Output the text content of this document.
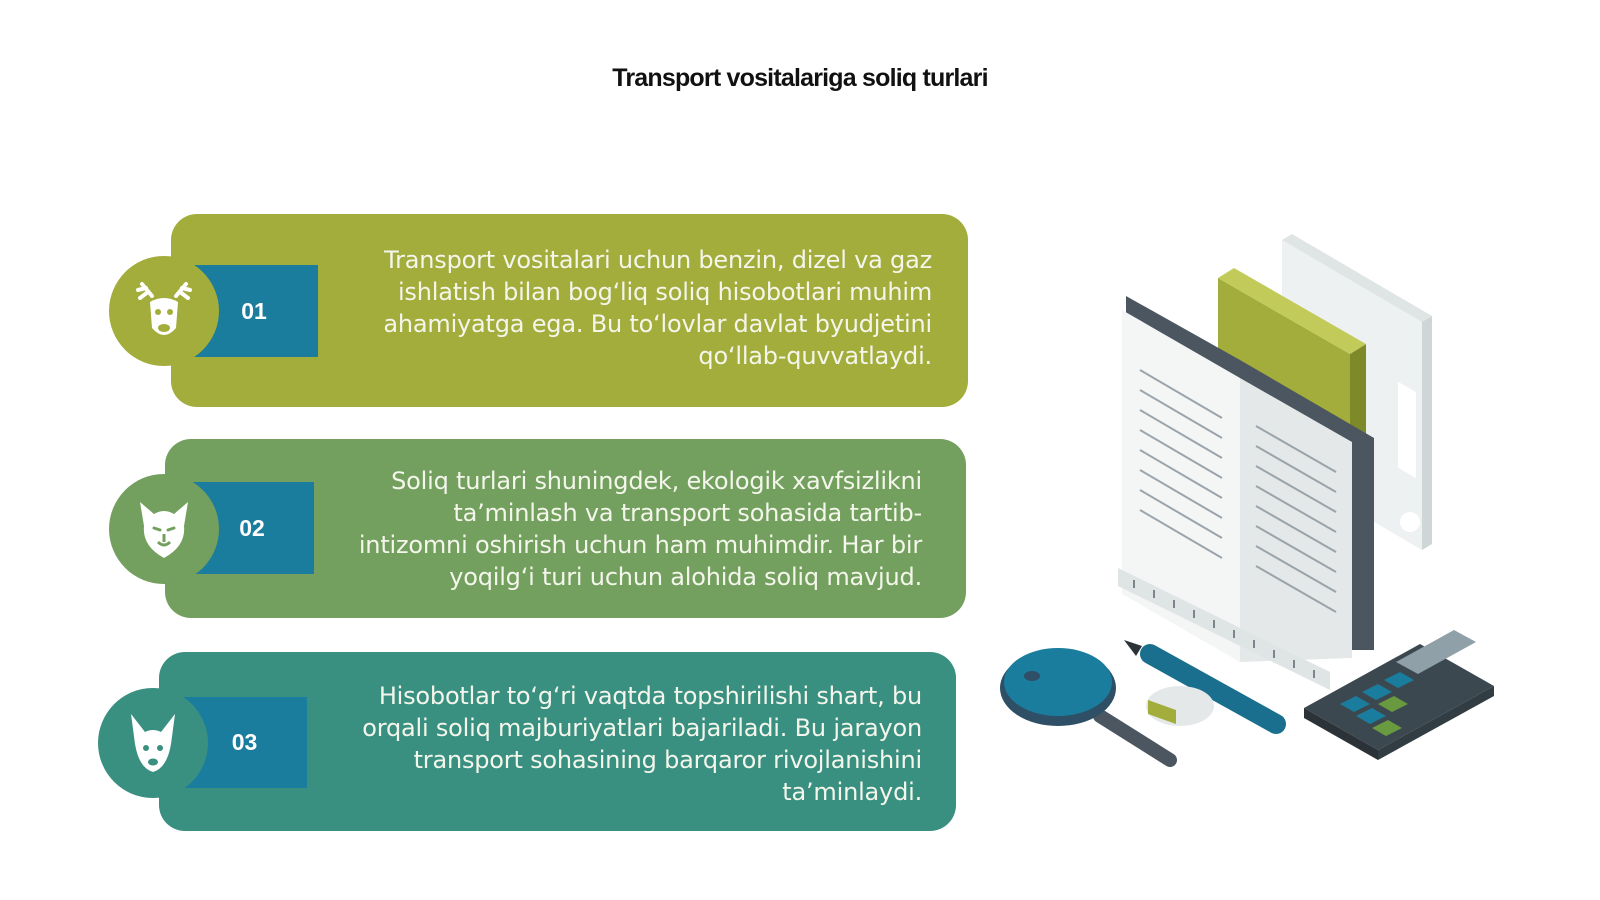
Transport vositalariga soliq turlari
01
Transport vositalari uchun benzin, dizel va gaz
ishlatish bilan bog‘liq soliq hisobotlari muhim
ahamiyatga ega. Bu to‘lovlar davlat byudjetini
qo‘llab-quvvatlaydi.
02
Soliq turlari shuningdek, ekologik xavfsizlikni
ta’minlash va transport sohasida tartib-
intizomni oshirish uchun ham muhimdir. Har bir
yoqilg‘i turi uchun alohida soliq mavjud.
03
Hisobotlar to‘g‘ri vaqtda topshirilishi shart, bu
orqali soliq majburiyatlari bajariladi. Bu jarayon
transport sohasining barqaror rivojlanishini
ta’minlaydi.
